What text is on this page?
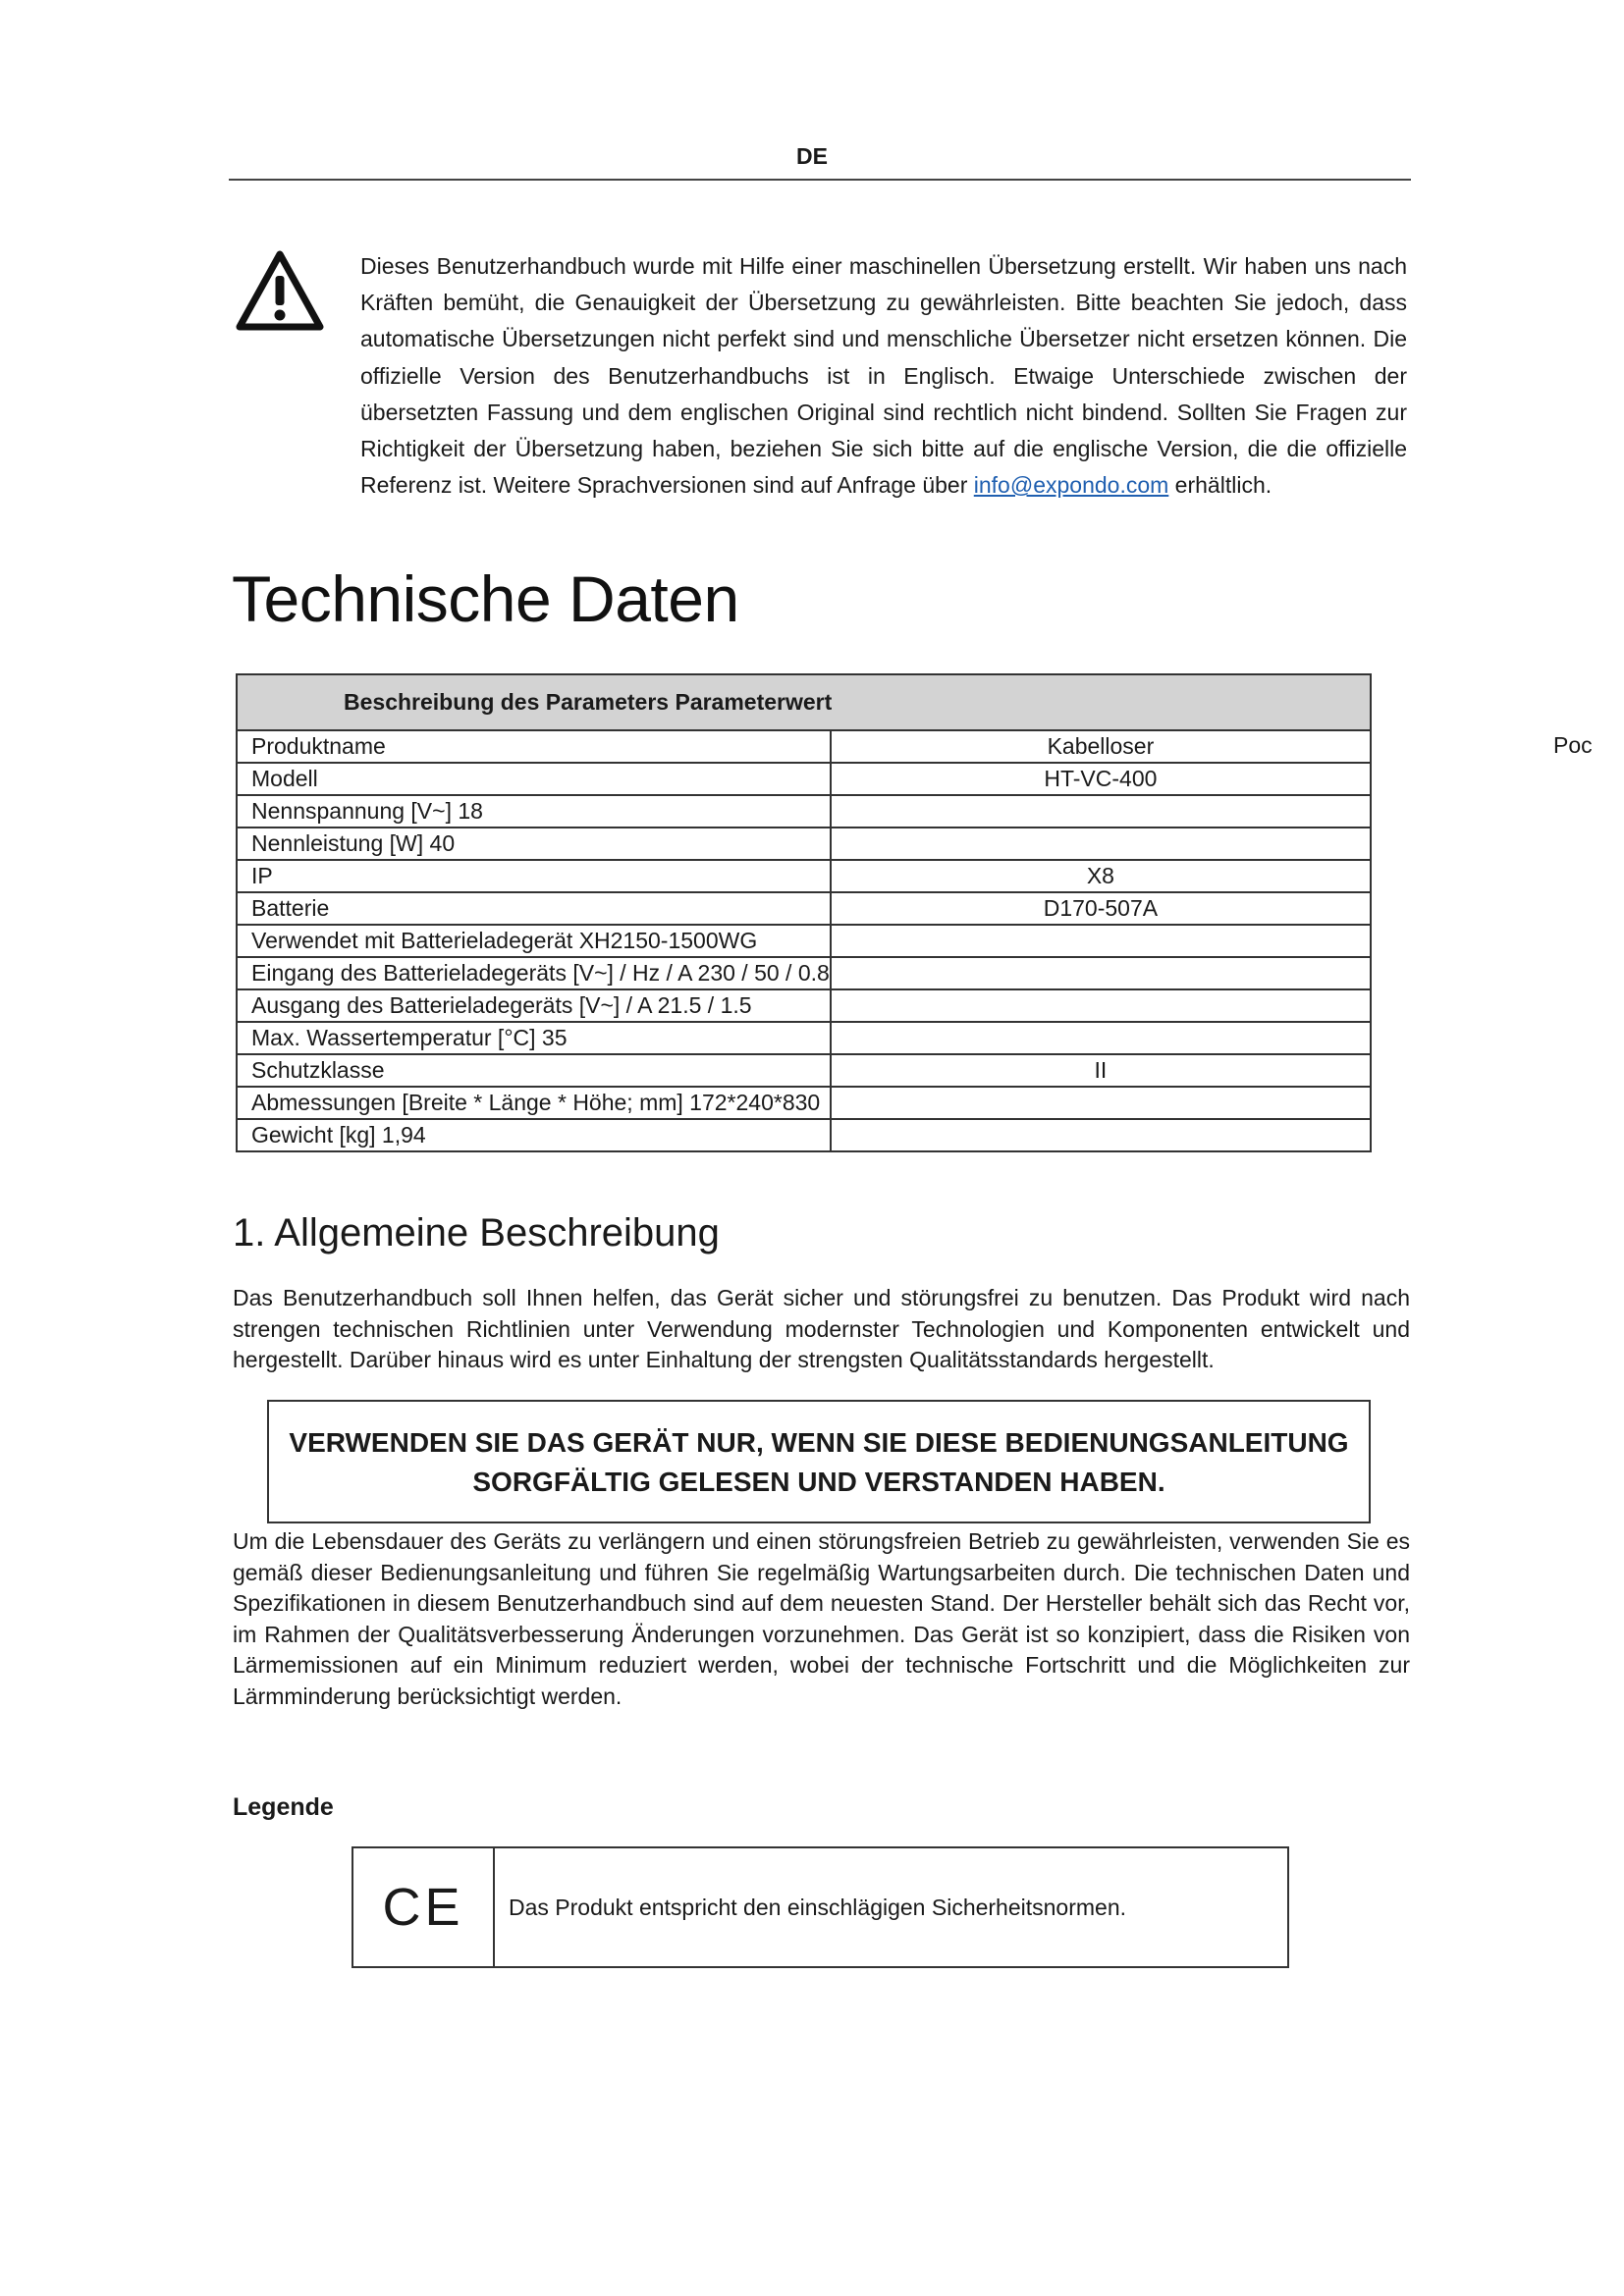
DE
Dieses Benutzerhandbuch wurde mit Hilfe einer maschinellen Übersetzung erstellt. Wir haben uns nach Kräften bemüht, die Genauigkeit der Übersetzung zu gewährleisten. Bitte beachten Sie jedoch, dass automatische Übersetzungen nicht perfekt sind und menschliche Übersetzer nicht ersetzen können. Die offizielle Version des Benutzerhandbuchs ist in Englisch. Etwaige Unterschiede zwischen der übersetzten Fassung und dem englischen Original sind rechtlich nicht bindend. Sollten Sie Fragen zur Richtigkeit der Übersetzung haben, beziehen Sie sich bitte auf die englische Version, die die offizielle Referenz ist. Weitere Sprachversionen sind auf Anfrage über info@expondo.com erhältlich.
Technische Daten
Beschreibung des Parameters Parameterwert	
Produktname	Kabelloser
Modell	HT-VC-400
Nennspannung [V~] 18	
Nennleistung [W] 40	
IP	X8
Batterie	D170-507A
Verwendet mit Batterieladegerät XH2150-1500WG	
Eingang des Batterieladegeräts [V~] / Hz / A 230 / 50 / 0.8	
Ausgang des Batterieladegeräts [V~] / A 21.5 / 1.5	
Max. Wassertemperatur [°C] 35	
Schutzklasse	II
Abmessungen [Breite * Länge * Höhe; mm] 172*240*830	
Gewicht [kg] 1,94	
Poc
1. Allgemeine Beschreibung

Das Benutzerhandbuch soll Ihnen helfen, das Gerät sicher und störungsfrei zu benutzen. Das Produkt wird nach strengen technischen Richtlinien unter Verwendung modernster Technologien und Komponenten entwickelt und hergestellt. Darüber hinaus wird es unter Einhaltung der strengsten Qualitätsstandards hergestellt.

VERWENDEN SIE DAS GERÄT NUR, WENN SIE DIESE BEDIENUNGSANLEITUNG
SORGFÄLTIG GELESEN UND VERSTANDEN HABEN.

Um die Lebensdauer des Geräts zu verlängern und einen störungsfreien Betrieb zu gewährleisten, verwenden Sie es gemäß dieser Bedienungsanleitung und führen Sie regelmäßig Wartungsarbeiten durch. Die technischen Daten und Spezifikationen in diesem Benutzerhandbuch sind auf dem neuesten Stand. Der Hersteller behält sich das Recht vor, im Rahmen der Qualitätsverbesserung Änderungen vorzunehmen. Das Gerät ist so konzipiert, dass die Risiken von Lärmemissionen auf ein Minimum reduziert werden, wobei der technische Fortschritt und die Möglichkeiten zur Lärmminderung berücksichtigt werden.

Legende
CE	Das Produkt entspricht den einschlägigen Sicherheitsnormen.
